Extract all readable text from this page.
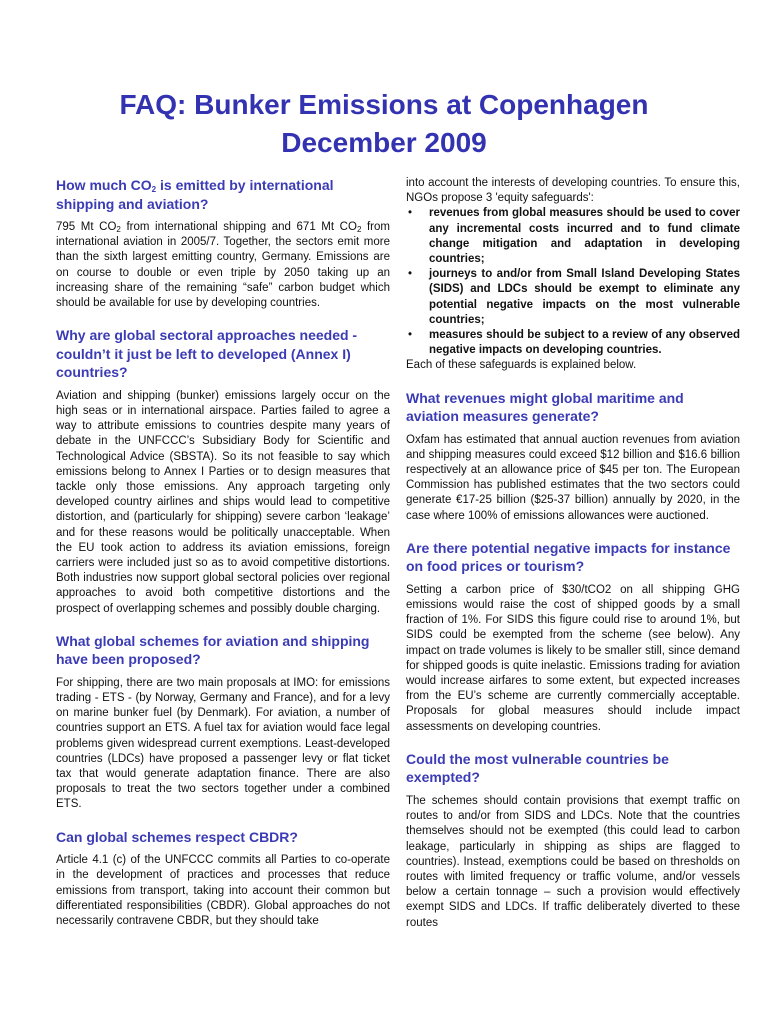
FAQ: Bunker Emissions at Copenhagen
December 2009
How much $CO_2$ is emitted by international shipping and aviation?
795 Mt $CO_2$ from international shipping and 671 Mt $CO_2$ from international aviation in 2005/7. Together, the sectors emit more than the sixth largest emitting country, Germany. Emissions are on course to double or even triple by 2050 taking up an increasing share of the remaining “safe” carbon budget which should be available for use by developing countries.
Why are global sectoral approaches needed - couldn’t it just be left to developed (Annex I) countries?
Aviation and shipping (bunker) emissions largely occur on the high seas or in international airspace. Parties failed to agree a way to attribute emissions to countries despite many years of debate in the UNFCCC’s Subsidiary Body for Scientific and Technological Advice (SBSTA). So its not feasible to say which emissions belong to Annex I Parties or to design measures that tackle only those emissions. Any approach targeting only developed country airlines and ships would lead to competitive distortion, and (particularly for shipping) severe carbon ‘leakage’ and for these reasons would be politically unacceptable. When the EU took action to address its aviation emissions, foreign carriers were included just so as to avoid competitive distortions. Both industries now support global sectoral policies over regional approaches to avoid both competitive distortions and the prospect of overlapping schemes and possibly double charging.
What global schemes for aviation and shipping have been proposed?
For shipping, there are two main proposals at IMO: for emissions trading - ETS - (by Norway, Germany and France), and for a levy on marine bunker fuel (by Denmark). For aviation, a number of countries support an ETS. A fuel tax for aviation would face legal problems given widespread current exemptions. Least-developed countries (LDCs) have proposed a passenger levy or flat ticket tax that would generate adaptation finance. There are also proposals to treat the two sectors together under a combined ETS.
Can global schemes respect CBDR?
Article 4.1 (c) of the UNFCCC commits all Parties to co-operate in the development of practices and processes that reduce emissions from transport, taking into account their common but differentiated responsibilities (CBDR). Global approaches do not necessarily contravene CBDR, but they should take
into account the interests of developing countries. To ensure this, NGOs propose 3 'equity safeguards':
• revenues from global measures should be used to cover any incremental costs incurred and to fund climate change mitigation and adaptation in developing countries;
• journeys to and/or from Small Island Developing States (SIDS) and LDCs should be exempt to eliminate any potential negative impacts on the most vulnerable countries;
• measures should be subject to a review of any observed negative impacts on developing countries.
Each of these safeguards is explained below.
What revenues might global maritime and aviation measures generate?
Oxfam has estimated that annual auction revenues from aviation and shipping measures could exceed $12 billion and $16.6 billion respectively at an allowance price of $45 per ton. The European Commission has published estimates that the two sectors could generate €17-25 billion ($25-37 billion) annually by 2020, in the case where 100% of emissions allowances were auctioned.
Are there potential negative impacts for instance on food prices or tourism?
Setting a carbon price of $30/tCO2 on all shipping GHG emissions would raise the cost of shipped goods by a small fraction of 1%. For SIDS this figure could rise to around 1%, but SIDS could be exempted from the scheme (see below). Any impact on trade volumes is likely to be smaller still, since demand for shipped goods is quite inelastic. Emissions trading for aviation would increase airfares to some extent, but expected increases from the EU’s scheme are currently commercially acceptable. Proposals for global measures should include impact assessments on developing countries.
Could the most vulnerable countries be exempted?
The schemes should contain provisions that exempt traffic on routes to and/or from SIDS and LDCs. Note that the countries themselves should not be exempted (this could lead to carbon leakage, particularly in shipping as ships are flagged to countries). Instead, exemptions could be based on thresholds on routes with limited frequency or traffic volume, and/or vessels below a certain tonnage – such a provision would effectively exempt SIDS and LDCs. If traffic deliberately diverted to these routes
